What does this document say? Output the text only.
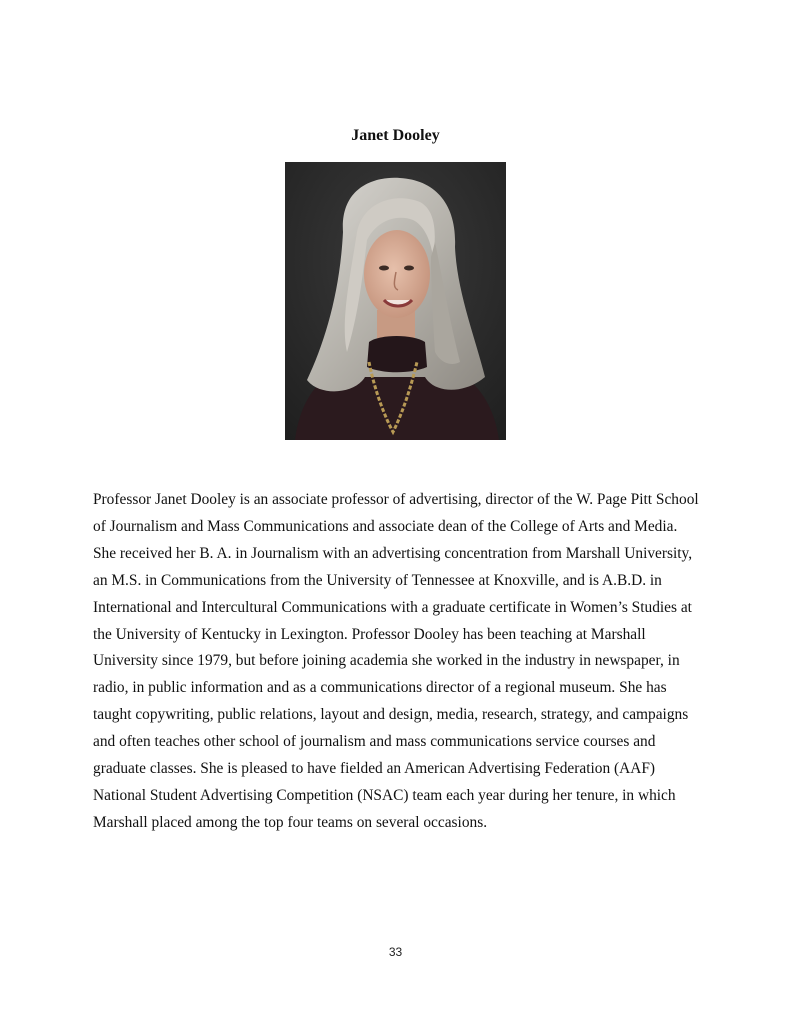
Janet Dooley

Professor Janet Dooley is an associate professor of advertising, director of the W. Page Pitt School of Journalism and Mass Communications and associate dean of the College of Arts and Media. She received her B. A. in Journalism with an advertising concentration from Marshall University, an M.S. in Communications from the University of Tennessee at Knoxville, and is A.B.D. in International and Intercultural Communications with a graduate certificate in Women’s Studies at the University of Kentucky in Lexington. Professor Dooley has been teaching at Marshall University since 1979, but before joining academia she worked in the industry in newspaper, in radio, in public information and as a communications director of a regional museum. She has taught copywriting, public relations, layout and design, media, research, strategy, and campaigns and often teaches other school of journalism and mass communications service courses and graduate classes. She is pleased to have fielded an American Advertising Federation (AAF) National Student Advertising Competition (NSAC) team each year during her tenure, in which Marshall placed among the top four teams on several occasions.

33
